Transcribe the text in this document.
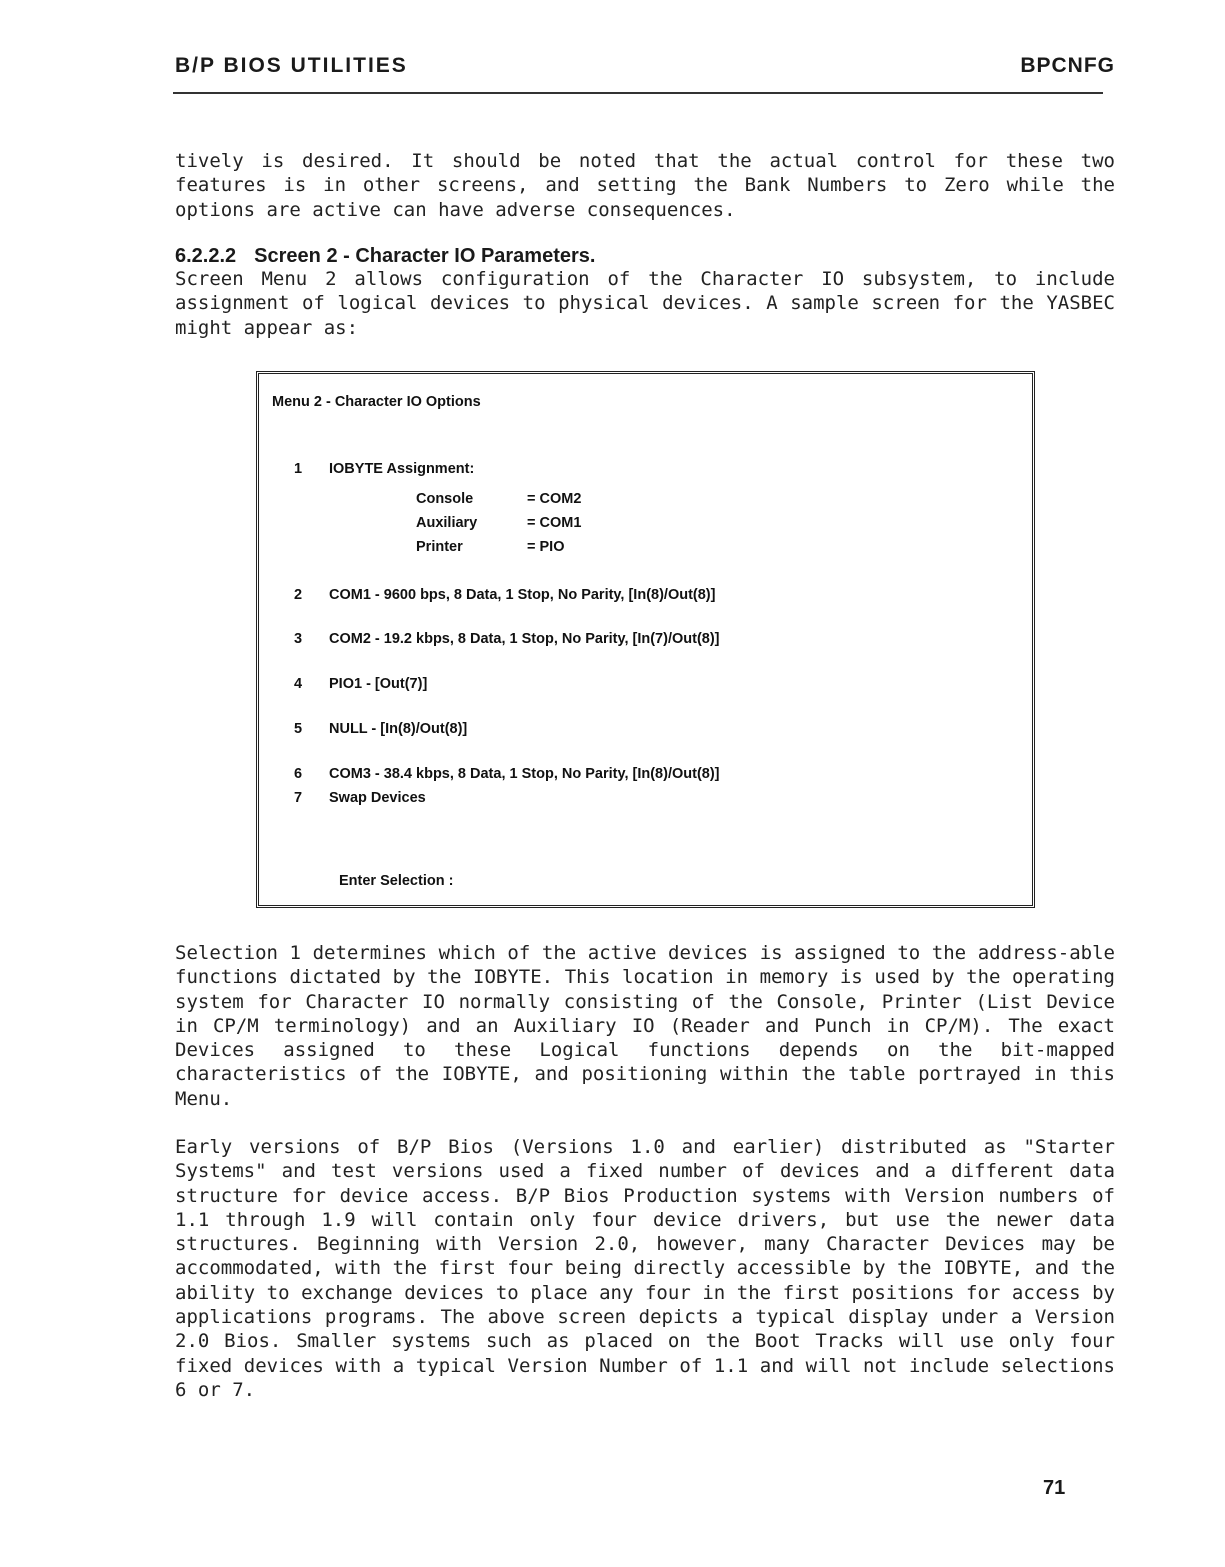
B/P BIOS UTILITIES	BPCNFG
tively is desired. It should be noted that the actual control for these two features is in other screens, and setting the Bank Numbers to Zero while the options are active can have adverse consequences.
6.2.2.2 Screen 2 - Character IO Parameters.
Screen Menu 2 allows configuration of the Character IO subsystem, to include assignment of logical devices to physical devices. A sample screen for the YASBEC might appear as:
Menu 2 - Character IO Options
1 IOBYTE Assignment:
Console	= COM2
Auxiliary	= COM1
Printer	= PIO
2 COM1 - 9600 bps, 8 Data, 1 Stop, No Parity, [In(8)/Out(8)]
3 COM2 - 19.2 kbps, 8 Data, 1 Stop, No Parity, [In(7)/Out(8)]
4 PIO1 - [Out(7)]
5 NULL - [In(8)/Out(8)]
6 COM3 - 38.4 kbps, 8 Data, 1 Stop, No Parity, [In(8)/Out(8)]
7 Swap Devices
Enter Selection :
Selection 1 determines which of the active devices is assigned to the address-able functions dictated by the IOBYTE. This location in memory is used by the operating system for Character IO normally consisting of the Console, Printer (List Device in CP/M terminology) and an Auxiliary IO (Reader and Punch in CP/M). The exact Devices assigned to these Logical functions depends on the bit-mapped characteristics of the IOBYTE, and positioning within the table portrayed in this Menu.
Early versions of B/P Bios (Versions 1.0 and earlier) distributed as "Starter Systems" and test versions used a fixed number of devices and a different data structure for device access. B/P Bios Production systems with Version numbers of 1.1 through 1.9 will contain only four device drivers, but use the newer data structures. Beginning with Version 2.0, however, many Character Devices may be accommodated, with the first four being directly accessible by the IOBYTE, and the ability to exchange devices to place any four in the first positions for access by applications programs. The above screen depicts a typical display under a Version 2.0 Bios. Smaller systems such as placed on the Boot Tracks will use only four fixed devices with a typical Version Number of 1.1 and will not include selections 6 or 7.
71
